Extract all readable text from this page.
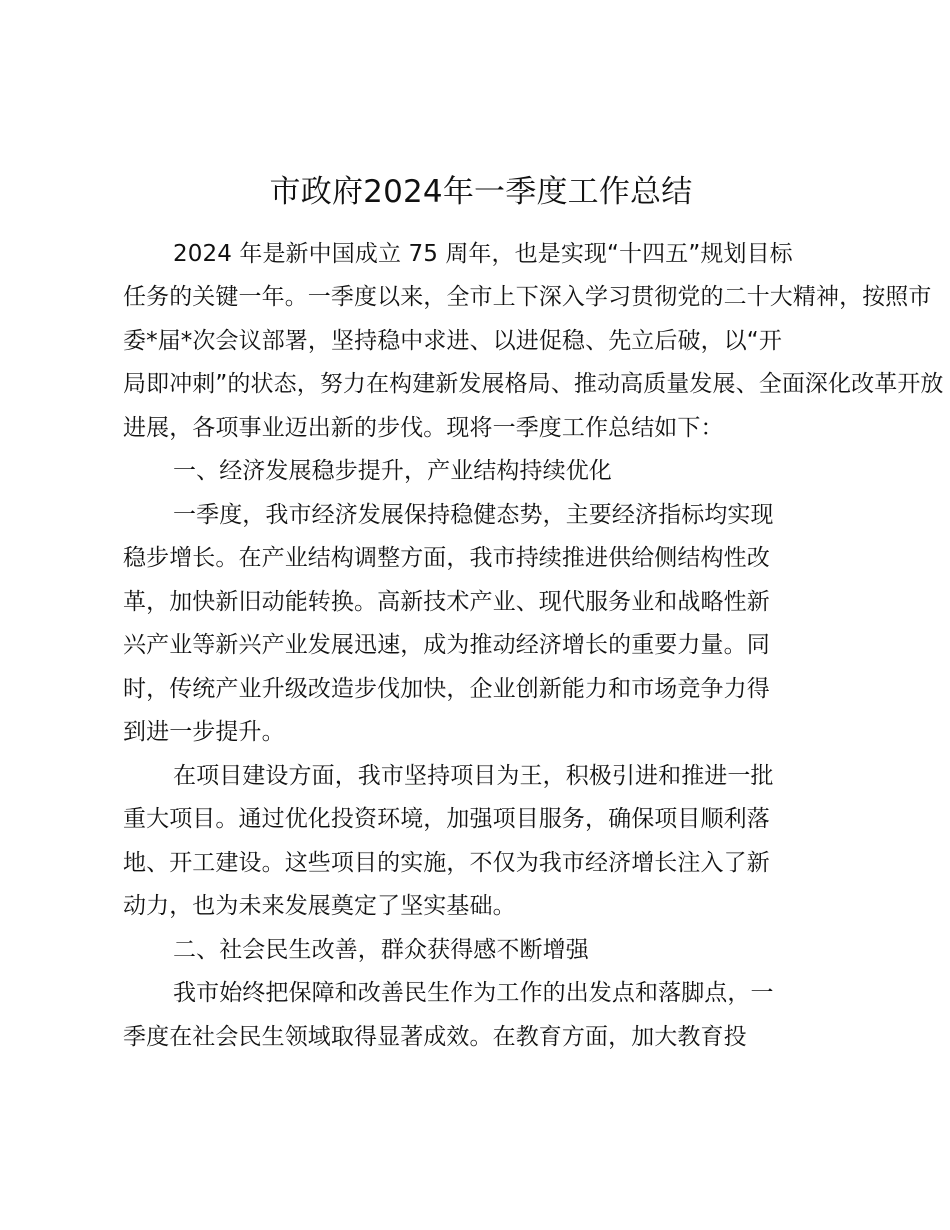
市政府2024年一季度工作总结
2024 年是新中国成立 75 周年，也是实现“十四五”规划目标
任务的关键一年。一季度以来，全市上下深入学习贯彻党的二十大精神，按照市
委*届*次会议部署，坚持稳中求进、以进促稳、先立后破，以“开
局即冲刺”的状态，努力在构建新发展格局、推动高质量发展、全面深化改革开放
进展，各项事业迈出新的步伐。现将一季度工作总结如下：
一、经济发展稳步提升，产业结构持续优化
一季度，我市经济发展保持稳健态势，主要经济指标均实现
稳步增长。在产业结构调整方面，我市持续推进供给侧结构性改
革，加快新旧动能转换。高新技术产业、现代服务业和战略性新
兴产业等新兴产业发展迅速，成为推动经济增长的重要力量。同
时，传统产业升级改造步伐加快，企业创新能力和市场竞争力得
到进一步提升。
在项目建设方面，我市坚持项目为王，积极引进和推进一批
重大项目。通过优化投资环境，加强项目服务，确保项目顺利落
地、开工建设。这些项目的实施，不仅为我市经济增长注入了新
动力，也为未来发展奠定了坚实基础。
二、社会民生改善，群众获得感不断增强
我市始终把保障和改善民生作为工作的出发点和落脚点，一
季度在社会民生领域取得显著成效。在教育方面，加大教育投
